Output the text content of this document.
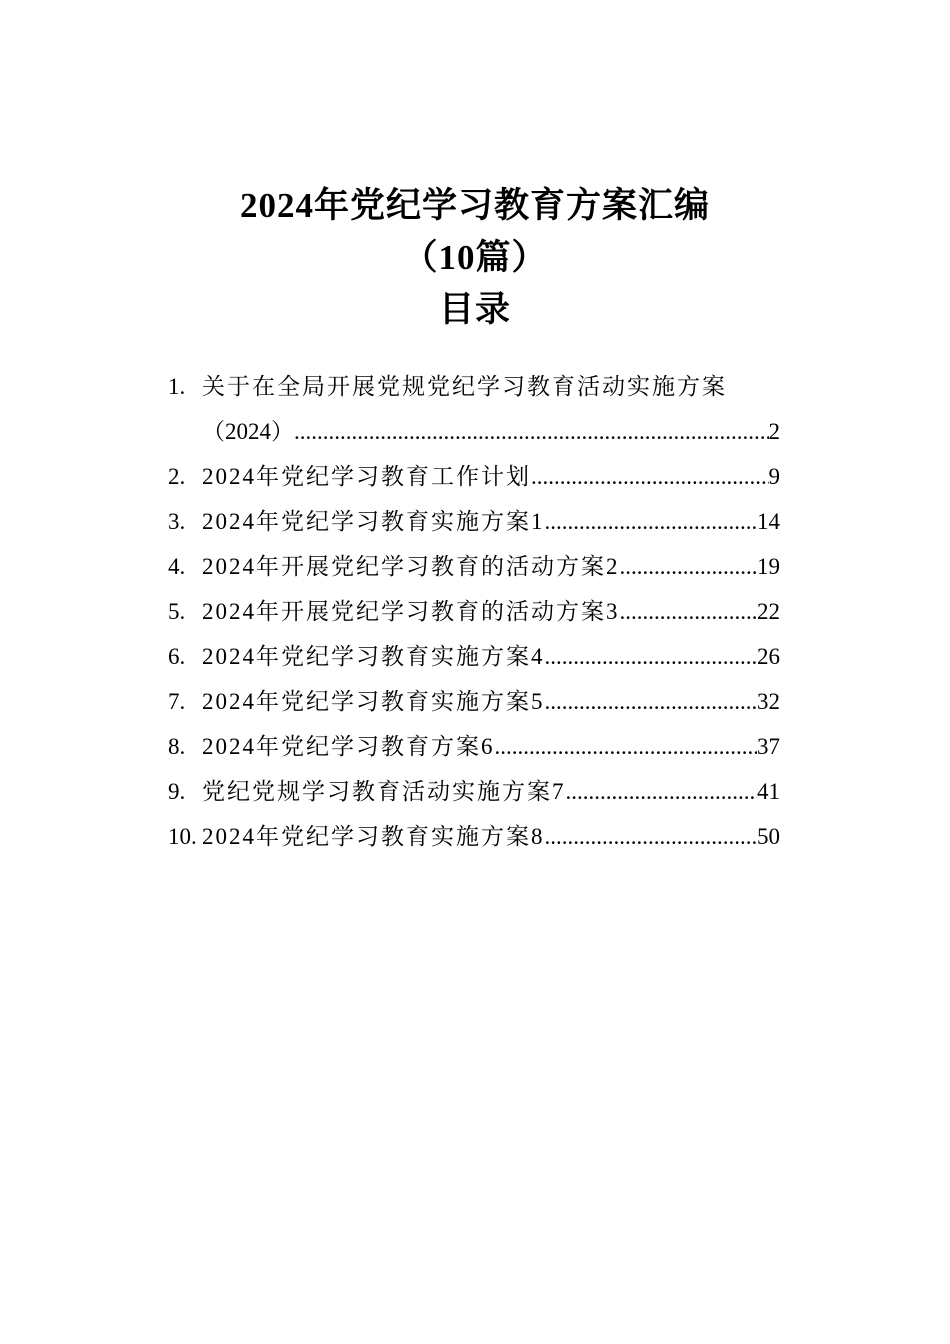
2024年党纪学习教育方案汇编
（10篇）
目录
1. 关于在全局开展党规党纪学习教育活动实施方案
（2024） .....	2
2. 2024年党纪学习教育工作计划 .....	9
3. 2024年党纪学习教育实施方案1 .....	14
4. 2024年开展党纪学习教育的活动方案2 .....	19
5. 2024年开展党纪学习教育的活动方案3 .....	22
6. 2024年党纪学习教育实施方案4 .....	26
7. 2024年党纪学习教育实施方案5 .....	32
8. 2024年党纪学习教育方案6 .....	37
9. 党纪党规学习教育活动实施方案7 .....	41
10. 2024年党纪学习教育实施方案8 .....	50
